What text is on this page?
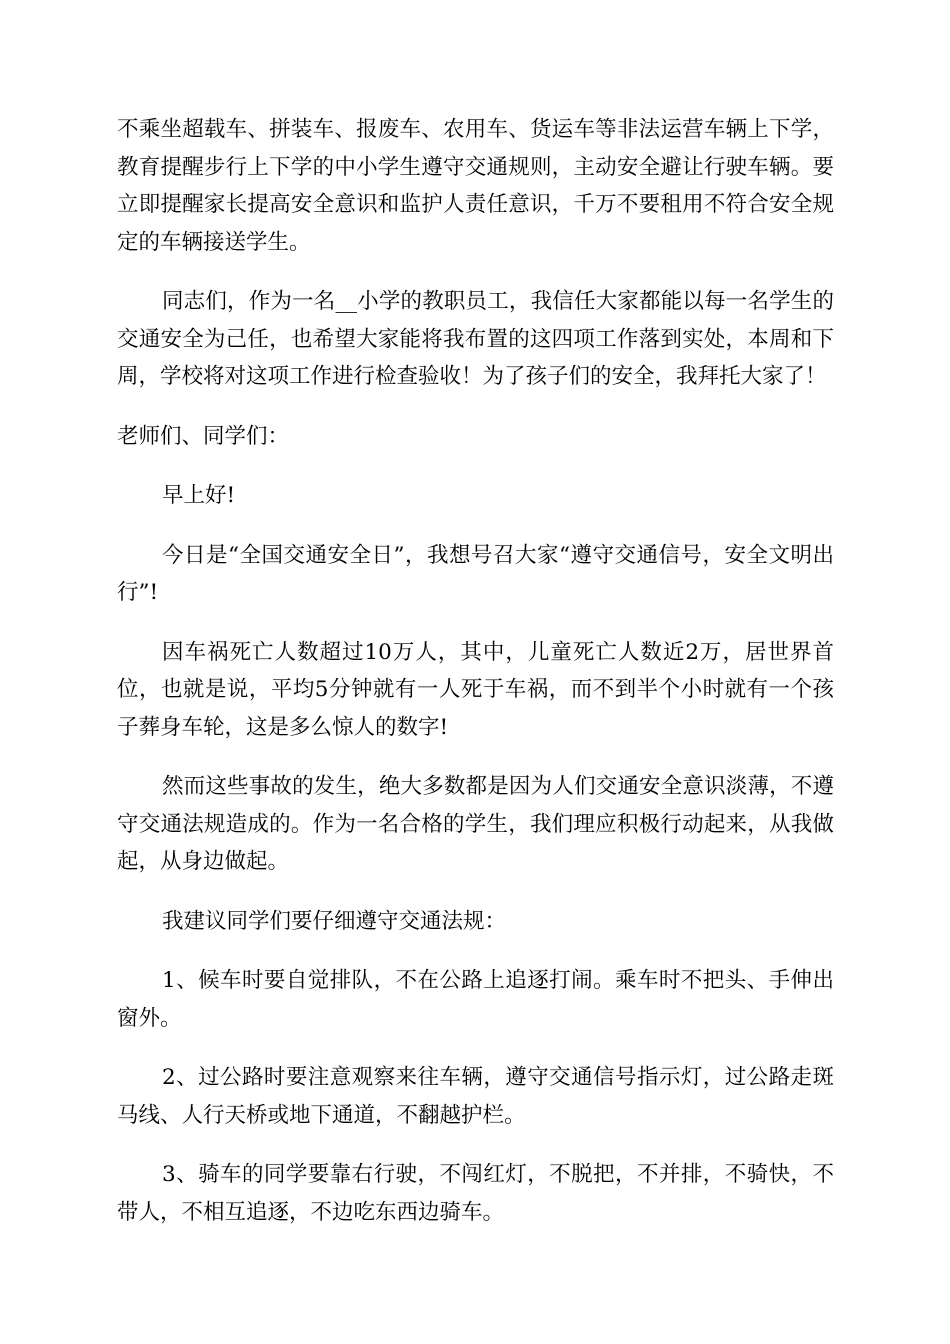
不乘坐超载车、拼装车、报废车、农用车、货运车等非法运营车辆上下学，教育提醒步行上下学的中小学生遵守交通规则，主动安全避让行驶车辆。要立即提醒家长提高安全意识和监护人责任意识，千万不要租用不符合安全规定的车辆接送学生。

同志们，作为一名__小学的教职员工，我信任大家都能以每一名学生的交通安全为己任，也希望大家能将我布置的这四项工作落到实处，本周和下周，学校将对这项工作进行检查验收！为了孩子们的安全，我拜托大家了！

老师们、同学们：

早上好!

今日是“全国交通安全日”，我想号召大家“遵守交通信号，安全文明出行”!

因车祸死亡人数超过10万人，其中，儿童死亡人数近2万，居世界首位，也就是说，平均5分钟就有一人死于车祸，而不到半个小时就有一个孩子葬身车轮，这是多么惊人的数字!

然而这些事故的发生，绝大多数都是因为人们交通安全意识淡薄，不遵守交通法规造成的。作为一名合格的学生，我们理应积极行动起来，从我做起，从身边做起。

我建议同学们要仔细遵守交通法规：

1、候车时要自觉排队，不在公路上追逐打闹。乘车时不把头、手伸出窗外。

2、过公路时要注意观察来往车辆，遵守交通信号指示灯，过公路走斑马线、人行天桥或地下通道，不翻越护栏。

3、骑车的同学要靠右行驶，不闯红灯，不脱把，不并排，不骑快，不带人，不相互追逐，不边吃东西边骑车。
